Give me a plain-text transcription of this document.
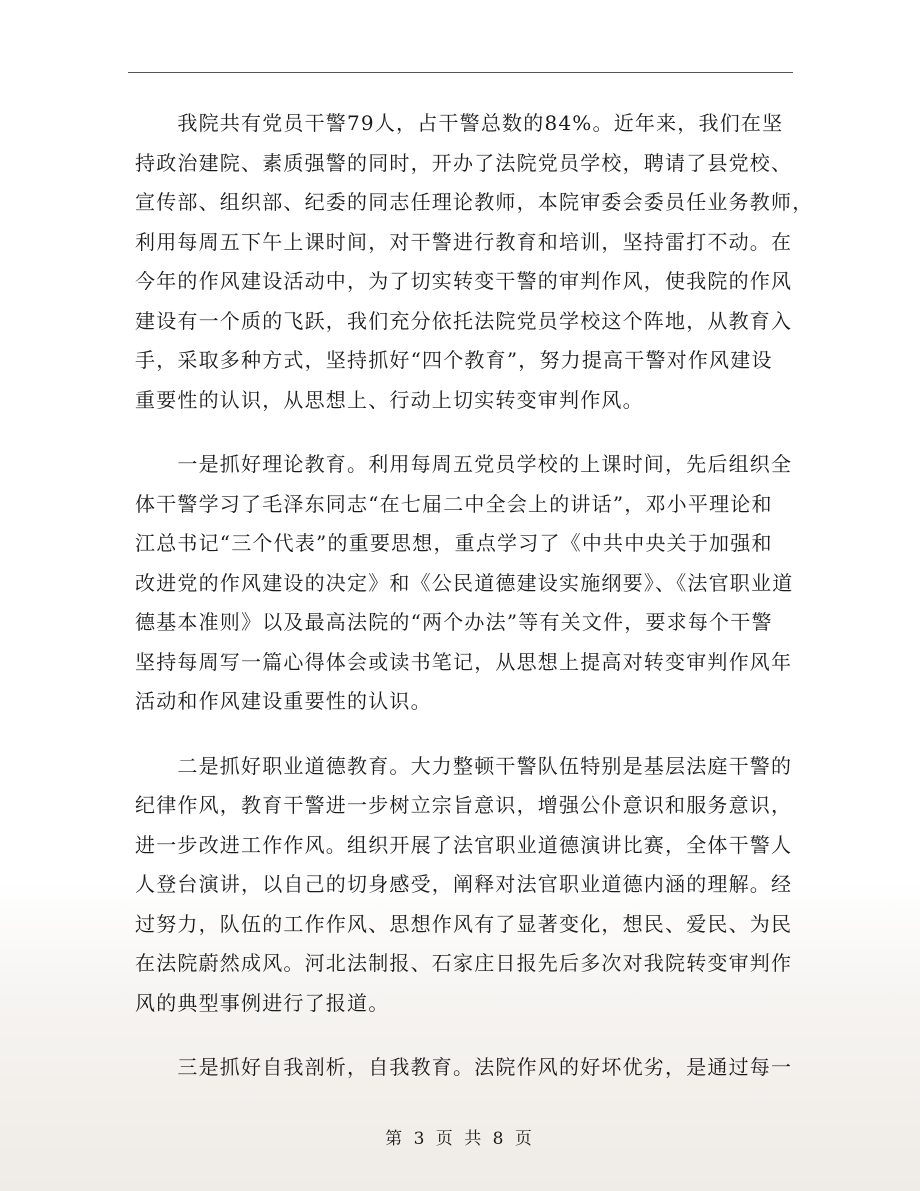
　　我院共有党员干警79人，占干警总数的84%。近年来，我们在坚
持政治建院、素质强警的同时，开办了法院党员学校，聘请了县党校、
宣传部、组织部、纪委的同志任理论教师，本院审委会委员任业务教师，
利用每周五下午上课时间，对干警进行教育和培训，坚持雷打不动。在
今年的作风建设活动中，为了切实转变干警的审判作风，使我院的作风
建设有一个质的飞跃，我们充分依托法院党员学校这个阵地，从教育入
手，采取多种方式，坚持抓好“四个教育”，努力提高干警对作风建设
重要性的认识，从思想上、行动上切实转变审判作风。

　　一是抓好理论教育。利用每周五党员学校的上课时间，先后组织全
体干警学习了毛泽东同志“在七届二中全会上的讲话”，邓小平理论和
江总书记“三个代表”的重要思想，重点学习了《中共中央关于加强和
改进党的作风建设的决定》和《公民道德建设实施纲要》、《法官职业道
德基本准则》以及最高法院的“两个办法”等有关文件，要求每个干警
坚持每周写一篇心得体会或读书笔记，从思想上提高对转变审判作风年
活动和作风建设重要性的认识。

　　二是抓好职业道德教育。大力整顿干警队伍特别是基层法庭干警的
纪律作风，教育干警进一步树立宗旨意识，增强公仆意识和服务意识，
进一步改进工作作风。组织开展了法官职业道德演讲比赛，全体干警人
人登台演讲，以自己的切身感受，阐释对法官职业道德内涵的理解。经
过努力，队伍的工作作风、思想作风有了显著变化，想民、爱民、为民
在法院蔚然成风。河北法制报、石家庄日报先后多次对我院转变审判作
风的典型事例进行了报道。

　　三是抓好自我剖析，自我教育。法院作风的好坏优劣，是通过每一

第 3 页 共 8 页
